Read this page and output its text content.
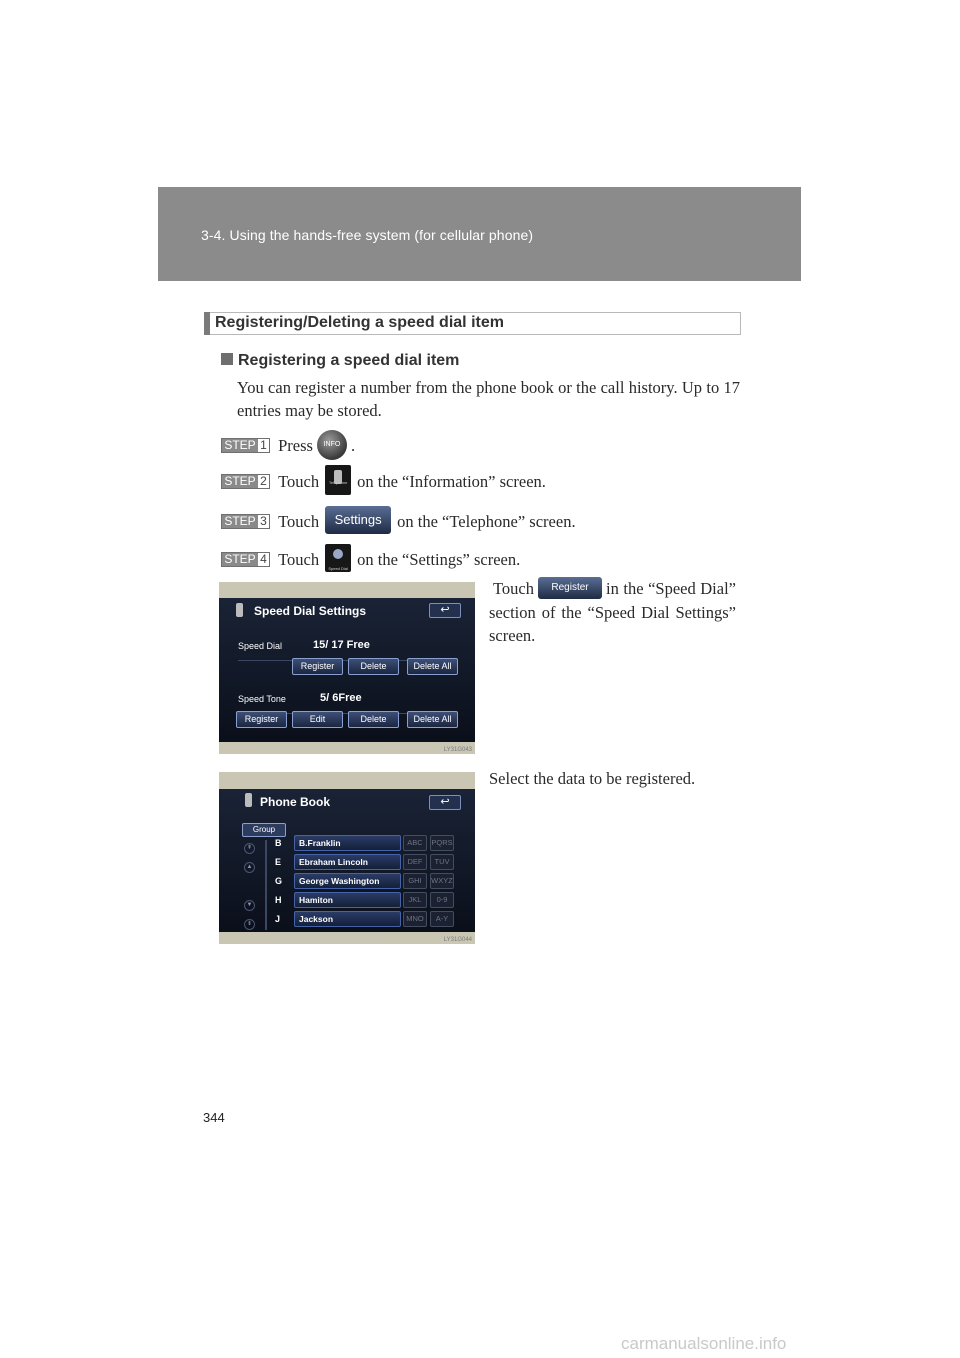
3-4. Using the hands-free system (for cellular phone)
Registering/Deleting a speed dial item
Registering a speed dial item
You can register a number from the phone book or the call history. Up to 17 entries may be stored.
STEP 1 Press INFO .
STEP 2 Touch	Telephone on the “Information” screen.
STEP 3 Touch Settings on the “Telephone” screen.
STEP 4 Touch	Speed Dial on the “Settings” screen.
Touch Register in the “Speed Dial” section of the “Speed Dial Settings” screen.
Speed Dial Settings	↩
Speed Dial	15/ 17 Free
Register	Delete	Delete All
Speed Tone	5/ 6Free
Register	Edit	Delete	Delete All
LY31G043
Select the data to be registered.
Phone Book	↩
Group
⇞
▲
▼
⇟
B	B.Franklin	ABC	PQRS
E	Ebraham Lincoln	DEF	TUV
G	George Washington	GHI	WXYZ
H	Hamiton	JKL	0-9
J	Jackson	MNO	A-Y
LY31G044
344
carmanualsonline.info
